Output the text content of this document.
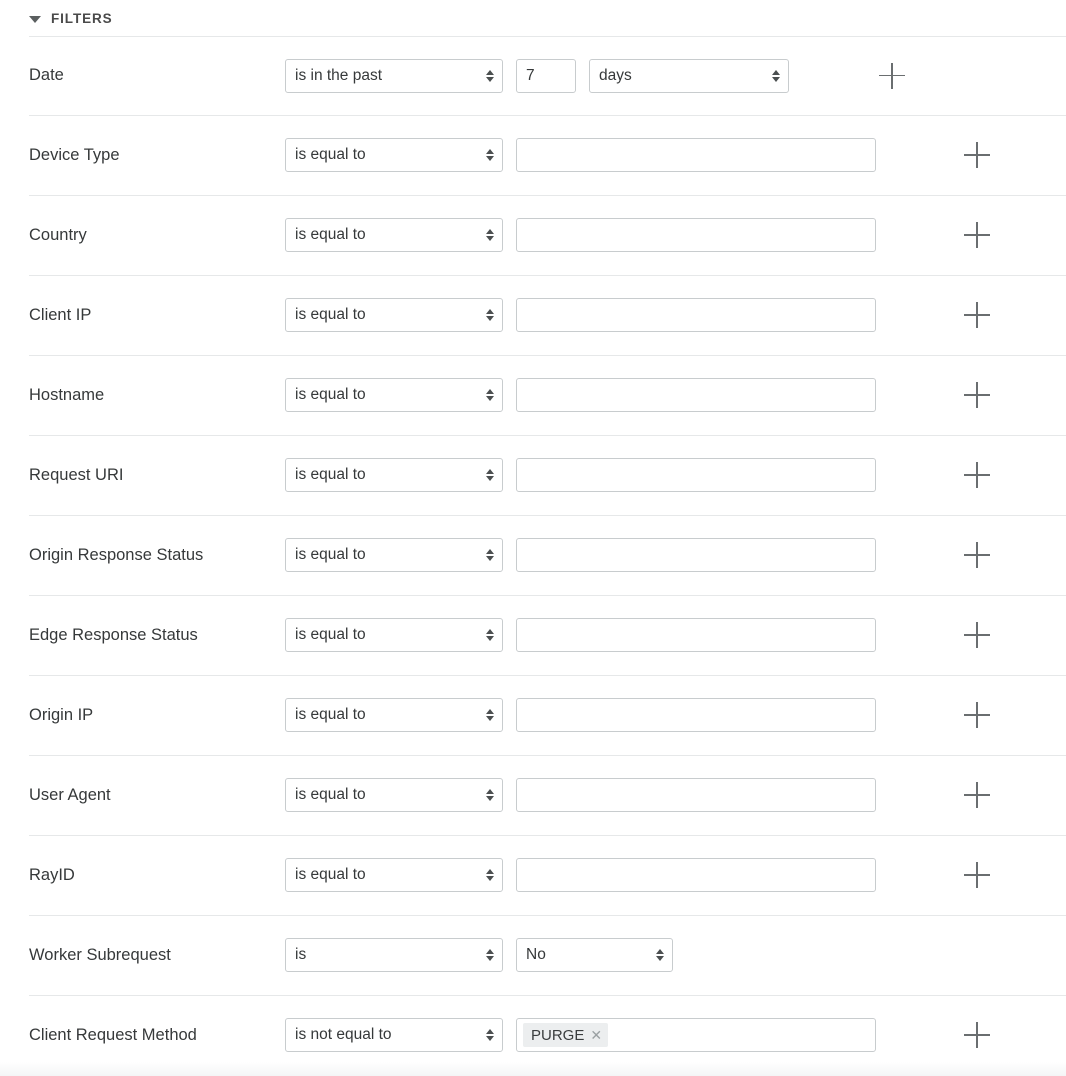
FILTERS
Date
is in the past
7
days
Device Type
is equal to
Country
is equal to
Client IP
is equal to
Hostname
is equal to
Request URI
is equal to
Origin Response Status
is equal to
Edge Response Status
is equal to
Origin IP
is equal to
User Agent
is equal to
RayID
is equal to
Worker Subrequest
is
No
Client Request Method
is not equal to	PURGE ✕
